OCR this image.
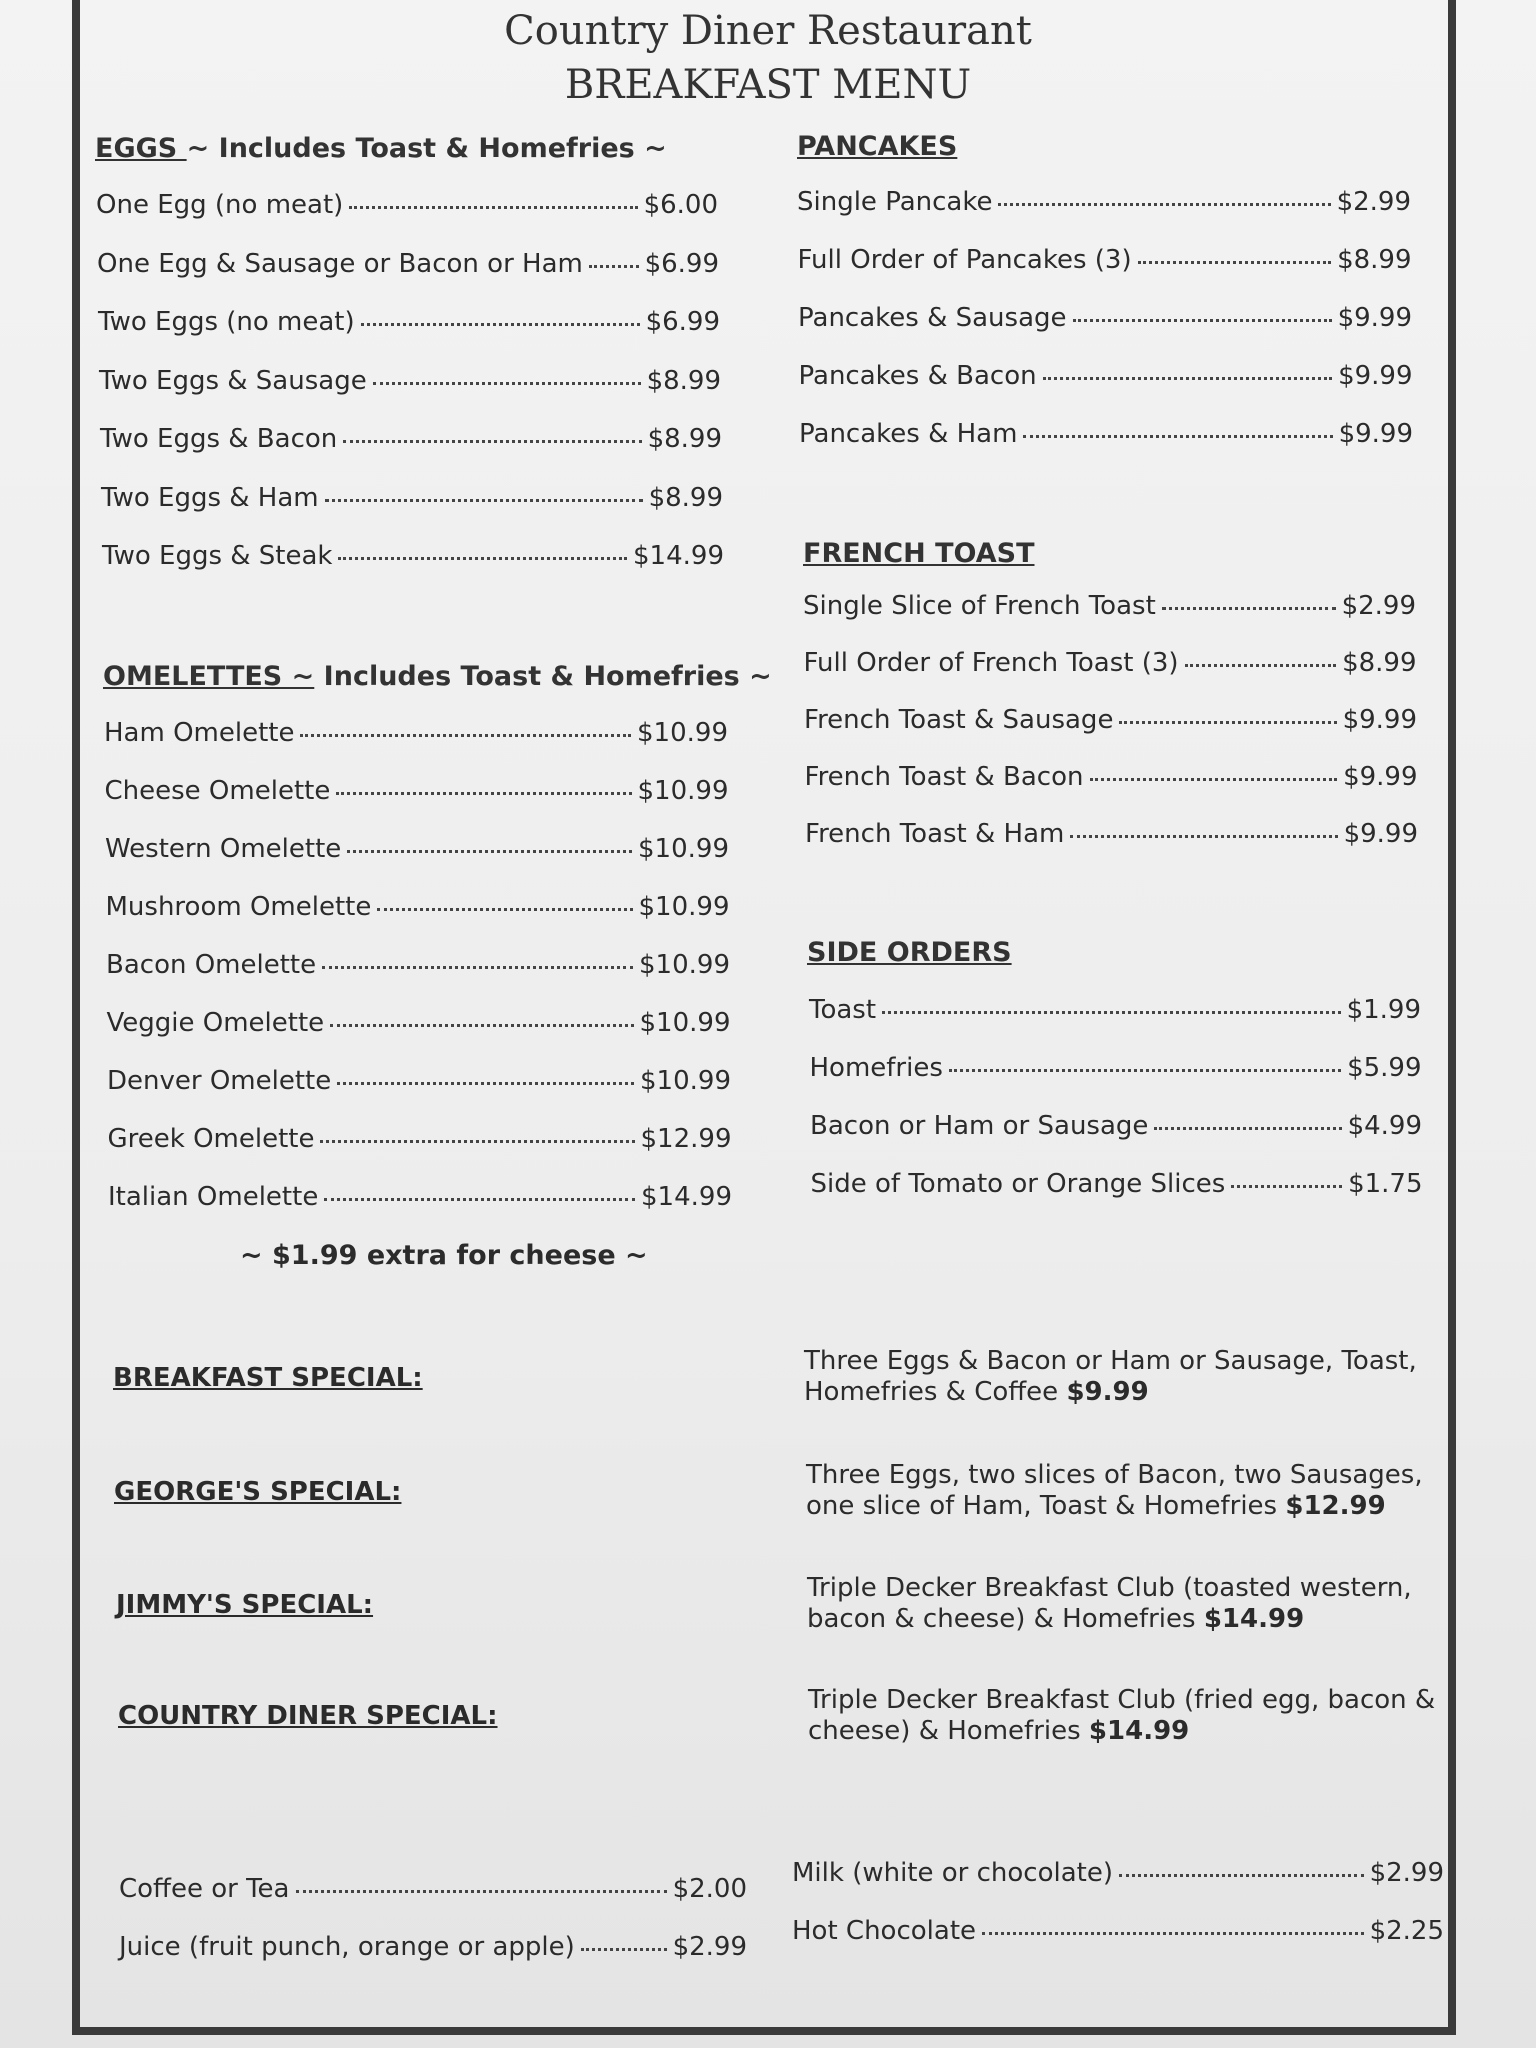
Country Diner Restaurant
BREAKFAST MENU
EGGS ~ Includes Toast & Homefries ~
One Egg (no meat)	$6.00
One Egg & Sausage or Bacon or Ham $6.99
Two Eggs (no meat)	$6.99
Two Eggs & Sausage	$8.99
Two Eggs & Bacon	$8.99
Two Eggs & Ham	$8.99
Two Eggs & Steak	$14.99
OMELETTES ~ Includes Toast & Homefries ~
Ham Omelette	$10.99
Cheese Omelette	$10.99
Western Omelette	$10.99
Mushroom Omelette	$10.99
Bacon Omelette	$10.99
Veggie Omelette	$10.99
Denver Omelette	$10.99
Greek Omelette	$12.99
Italian Omelette	$14.99
~ $1.99 extra for cheese ~
PANCAKES
Single Pancake	$2.99
Full Order of Pancakes (3)	$8.99
Pancakes & Sausage	$9.99
Pancakes & Bacon	$9.99
Pancakes & Ham	$9.99
FRENCH TOAST
Single Slice of French Toast	$2.99
Full Order of French Toast (3)	$8.99
French Toast & Sausage	$9.99
French Toast & Bacon	$9.99
French Toast & Ham	$9.99
SIDE ORDERS
Toast	$1.99
Homefries	$5.99
Bacon or Ham or Sausage	$4.99
Side of Tomato or Orange Slices	$1.75
BREAKFAST SPECIAL:
Three Eggs & Bacon or Ham or Sausage, Toast, Homefries & Coffee $9.99
GEORGE'S SPECIAL:
Three Eggs, two slices of Bacon, two Sausages, one slice of Ham, Toast & Homefries $12.99
JIMMY'S SPECIAL:
Triple Decker Breakfast Club (toasted western, bacon & cheese) & Homefries $14.99
COUNTRY DINER SPECIAL:
Triple Decker Breakfast Club (fried egg, bacon & cheese) & Homefries $14.99
Coffee or Tea	$2.00
Juice (fruit punch, orange or apple)	$2.99
Milk (white or chocolate)	$2.99
Hot Chocolate	$2.25
